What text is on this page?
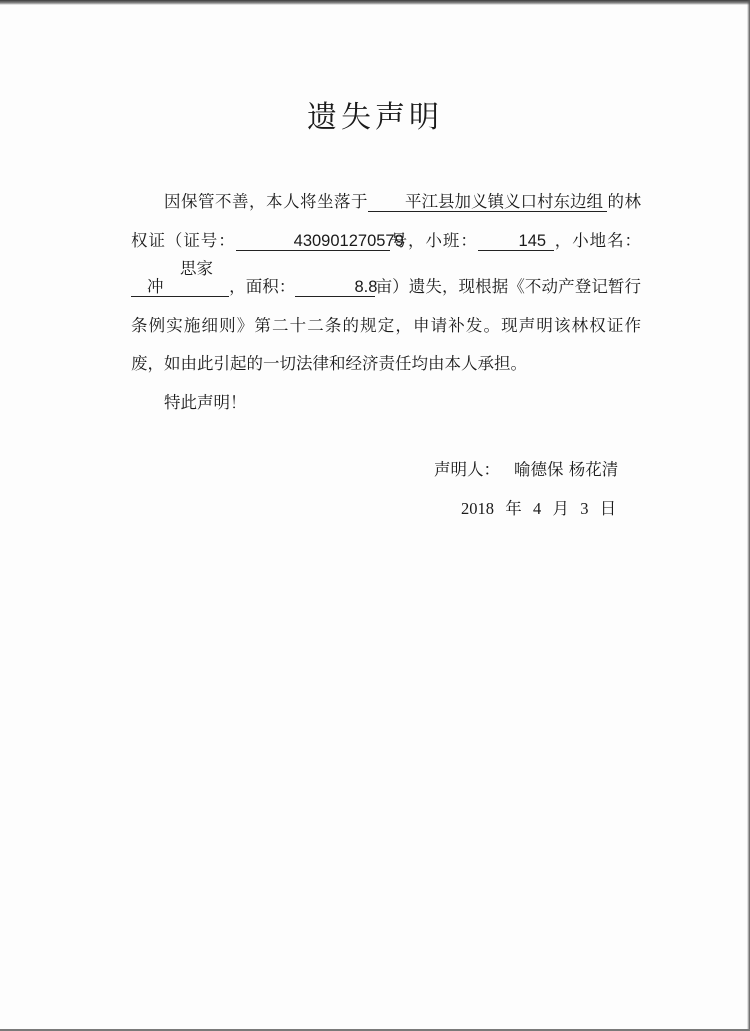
遗失声明

因保管不善，本人将坐落于 平江县加义镇义口村东边组 的林权证（证号：	430901270579号，小班： 145 ，小地名：思家冲	，面积：	8.8亩）遗失，现根据《不动产登记暂行条例实施细则》第二十二条的规定，申请补发。现声明该林权证作废，如由此引起的一切法律和经济责任均由本人承担。

特此声明！

声明人： 喻德保 杨花清
2018 年 4 月 3 日
